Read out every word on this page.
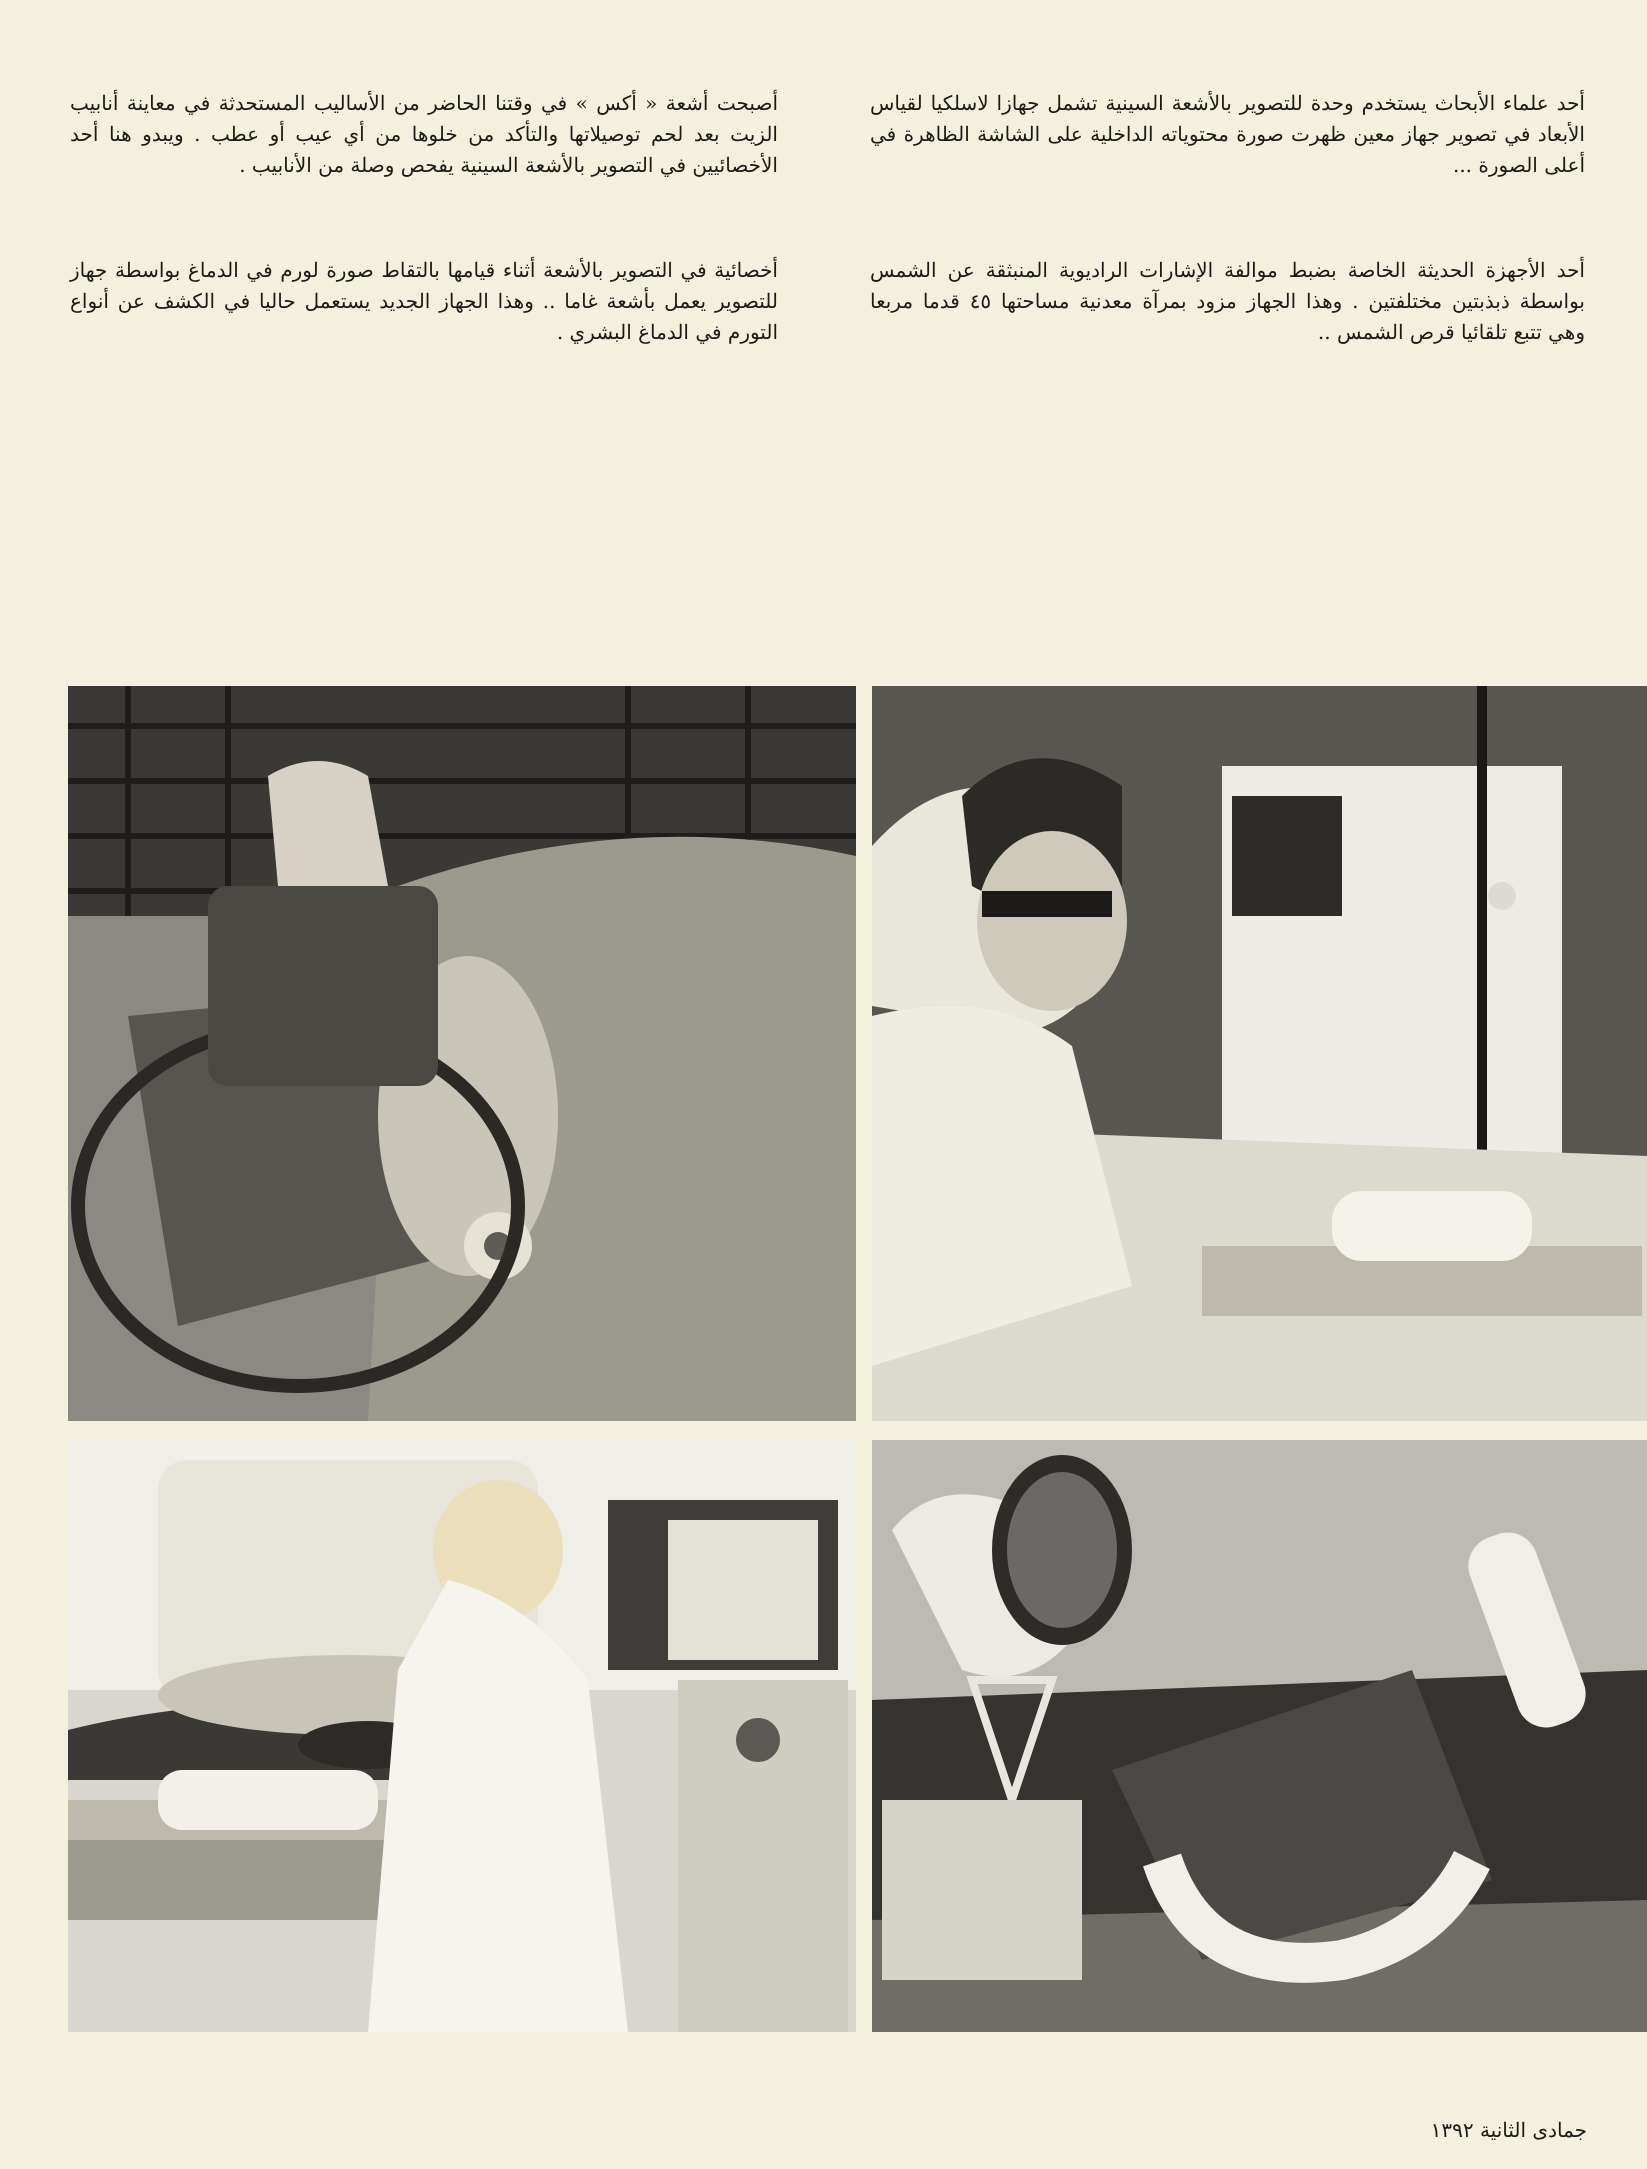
أحد علماء الأبحاث يستخدم وحدة للتصوير بالأشعة السينية تشمل جهازا لاسلكيا لقياس الأبعاد في تصوير جهاز معين ظهرت صورة محتوياته الداخلية على الشاشة الظاهرة في أعلى الصورة ...

أحد الأجهزة الحديثة الخاصة بضبط موالفة الإشارات الراديوية المنبثقة عن الشمس بواسطة ذبذبتين مختلفتين . وهذا الجهاز مزود بمرآة معدنية مساحتها ٤٥ قدما مربعا وهي تتبع تلقائيا قرص الشمس ..

أصبحت أشعة « أكس » في وقتنا الحاضر من الأساليب المستحدثة في معاينة أنابيب الزيت بعد لحم توصيلاتها والتأكد من خلوها من أي عيب أو عطب . ويبدو هنا أحد الأخصائيين في التصوير بالأشعة السينية يفحص وصلة من الأنابيب .

أخصائية في التصوير بالأشعة أثناء قيامها بالتقاط صورة لورم في الدماغ بواسطة جهاز للتصوير يعمل بأشعة غاما .. وهذا الجهاز الجديد يستعمل حاليا في الكشف عن أنواع التورم في الدماغ البشري .

جمادى الثانية ١٣٩٢
